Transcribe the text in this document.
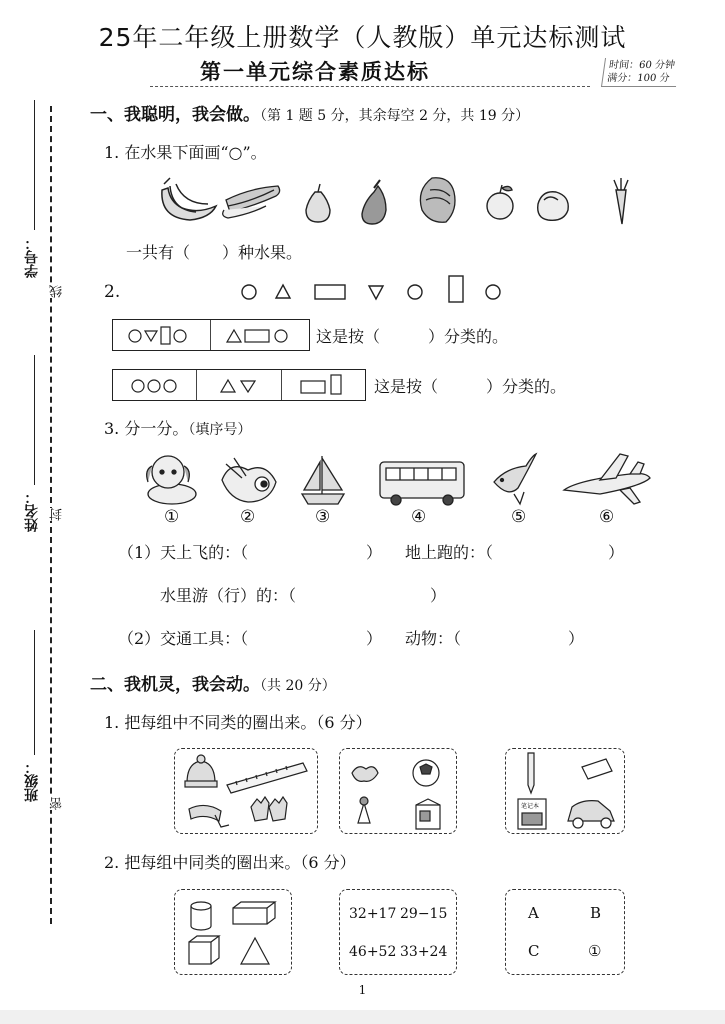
25年二年级上册数学（人教版）单元达标测试
第一单元综合素质达标	时间：60 分钟
满分：100 分
学号：
线
姓名： 封
班级：
密
一、我聪明，我会做。（第 1 题 5 分，其余每空 2 分，共 19 分）
1. 在水果下面画“○”。
一共有（　　）种水果。
2.
这是按（　　　）分类的。
这是按（　　　）分类的。
3. 分一分。（填序号）
①	②	③	④	⑤	⑥
（1）天上飞的：（	） 地上跑的：（	）
水里游（行）的：（	）
（2）交通工具：（	） 动物：（	）
二、我机灵，我会动。（共 20 分）
1. 把每组中不同类的圈出来。（6 分）
笔记本
2. 把每组中同类的圈出来。（6 分）
32+17 29−15
46+52 33+24
A	B
C	①
1
